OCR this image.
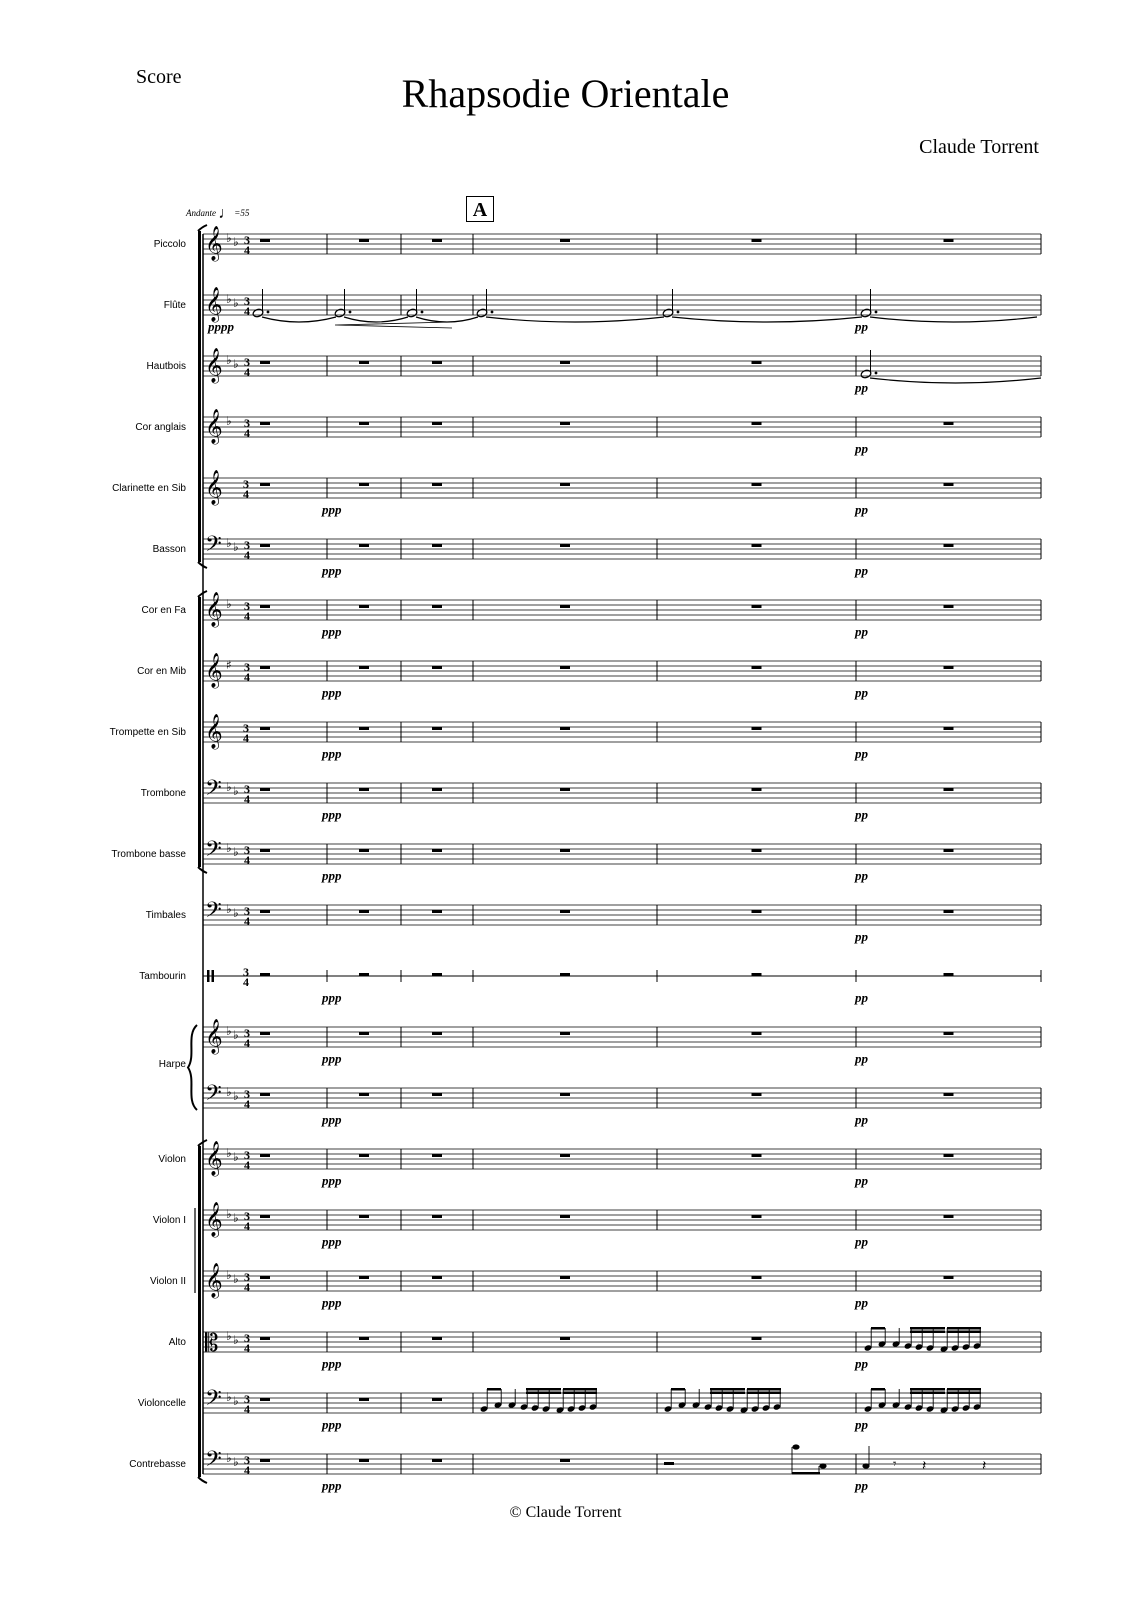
Score	Rhapsodie Orientale
Claude Torrent
Andante ♩=55	A
𝄞 ♭ ♭ 3
4
Piccolo
𝄞 ♭ ♭ 3
4
Flûte
pppp	pp
𝄞 ♭ ♭ 3
4
Hautbois
pp
𝄞 ♭ 3
4
Cor anglais
pp
𝄞 3
4
Clarinette en Sib
ppp	pp
𝄢 ♭ ♭ 3
4
Basson
ppp	pp
𝄞 ♭ 3
4
Cor en Fa
ppp	pp
𝄞 ♯ 3
4
Cor en Mib
ppp	pp
𝄞 3
4
Trompette en Sib
ppp	pp
𝄢 ♭ ♭ 3
4
Trombone
ppp	pp
𝄢 ♭ ♭ 3
4
Trombone basse
ppp	pp
𝄢 ♭ ♭ 3
4
Timbales
pp
3
4
Tambourin
ppp	pp
𝄞 ♭ ♭ 3
4
Harpe	ppp	pp
𝄢 ♭ ♭ 3
4
ppp	pp
𝄞 ♭ ♭ 3
4
Violon
ppp	pp
𝄞 ♭ ♭ 3
4
Violon I
ppp	pp
𝄞 ♭ ♭ 3
4
Violon II
ppp	pp
𝄡 ♭ ♭ 3
4
Alto
ppp	pp
𝄢 ♭ ♭ 3
4
Violoncelle
ppp	pp
𝄢 ♭ ♭ 3
4
Contrebasse
ppp	pp
♯
♯	♯	♯
𝄾 𝄽	𝄽
© Claude Torrent
